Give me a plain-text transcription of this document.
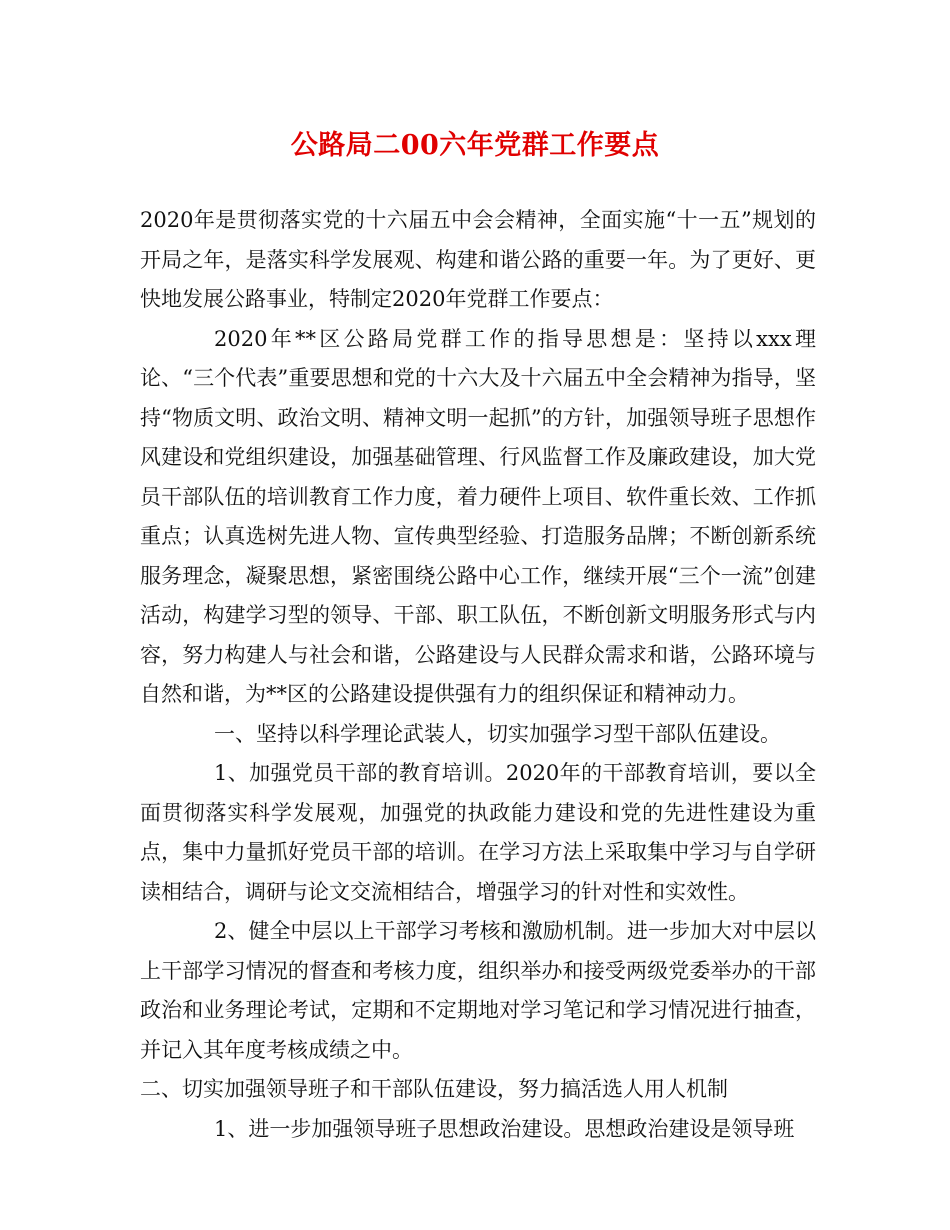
公路局二00六年党群工作要点

2020年是贯彻落实党的十六届五中会会精神，全面实施“十一五”规划的开局之年，是落实科学发展观、构建和谐公路的重要一年。为了更好、更快地发展公路事业，特制定2020年党群工作要点：

2020年**区公路局党群工作的指导思想是：坚持以xxx理论、“三个代表”重要思想和党的十六大及十六届五中全会精神为指导，坚持“物质文明、政治文明、精神文明一起抓”的方针，加强领导班子思想作风建设和党组织建设，加强基础管理、行风监督工作及廉政建设，加大党员干部队伍的培训教育工作力度，着力硬件上项目、软件重长效、工作抓重点；认真选树先进人物、宣传典型经验、打造服务品牌；不断创新系统服务理念，凝聚思想，紧密围绕公路中心工作，继续开展“三个一流”创建活动，构建学习型的领导、干部、职工队伍，不断创新文明服务形式与内容，努力构建人与社会和谐，公路建设与人民群众需求和谐，公路环境与自然和谐，为**区的公路建设提供强有力的组织保证和精神动力。

一、坚持以科学理论武装人，切实加强学习型干部队伍建设。

1、加强党员干部的教育培训。2020年的干部教育培训，要以全面贯彻落实科学发展观，加强党的执政能力建设和党的先进性建设为重点，集中力量抓好党员干部的培训。在学习方法上采取集中学习与自学研读相结合，调研与论文交流相结合，增强学习的针对性和实效性。

2、健全中层以上干部学习考核和激励机制。进一步加大对中层以上干部学习情况的督查和考核力度，组织举办和接受两级党委举办的干部政治和业务理论考试，定期和不定期地对学习笔记和学习情况进行抽查，并记入其年度考核成绩之中。

二、切实加强领导班子和干部队伍建设，努力搞活选人用人机制

1、进一步加强领导班子思想政治建设。思想政治建设是领导班
